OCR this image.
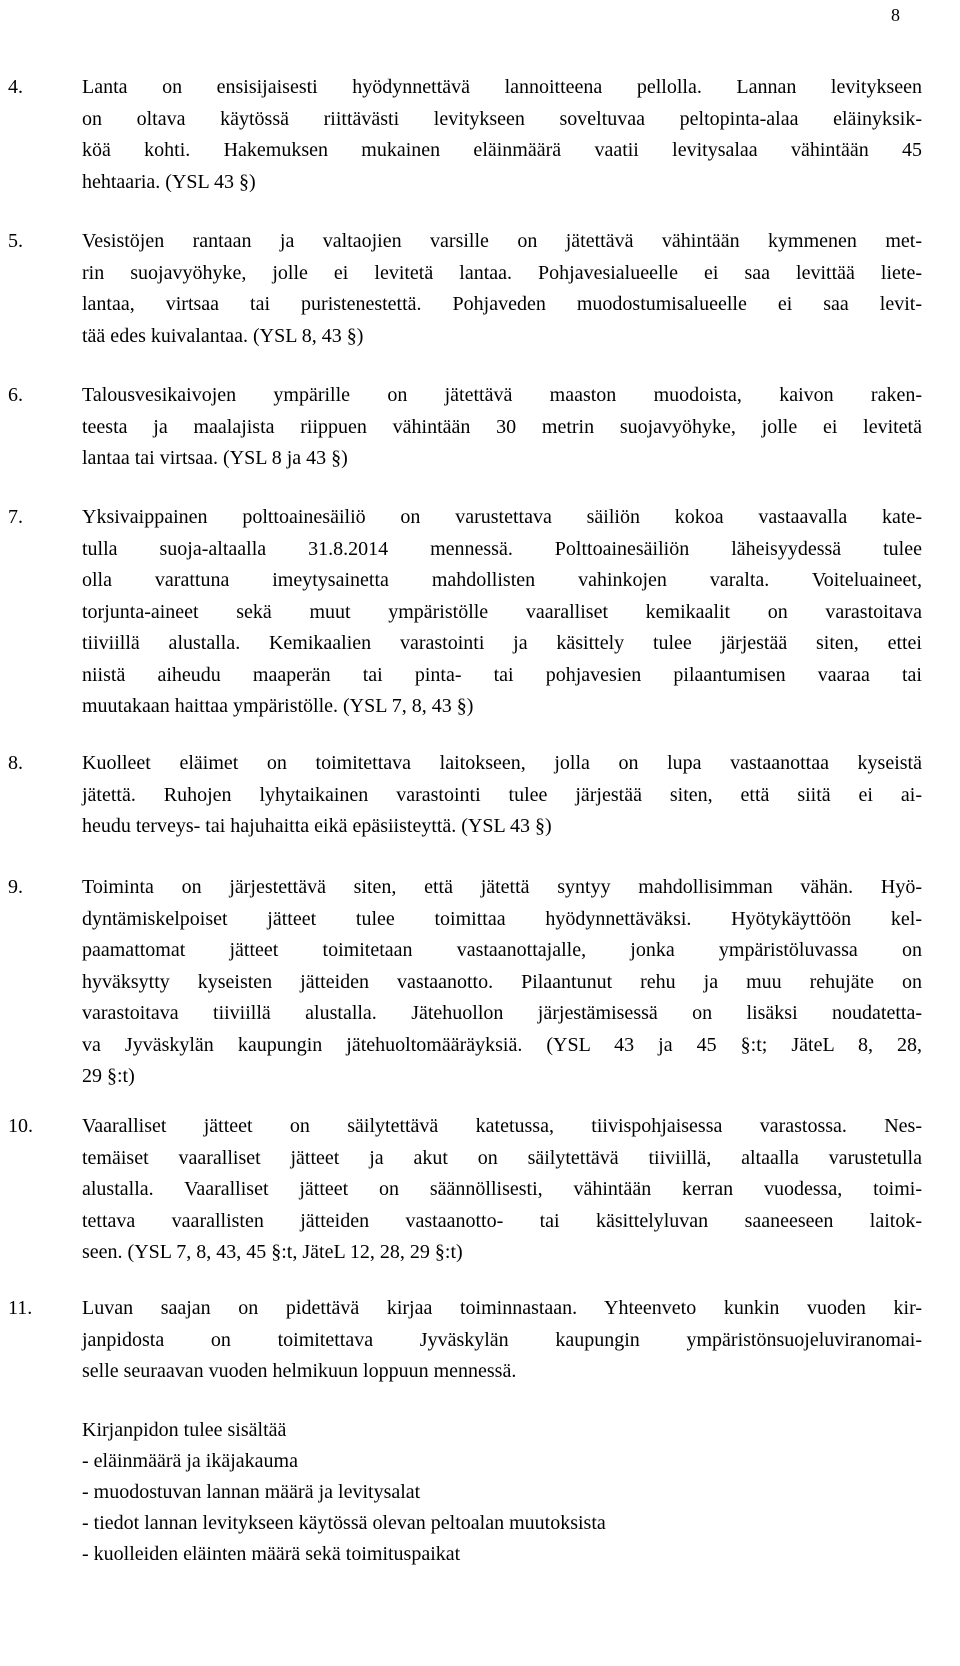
8
4.	Lanta on ensisijaisesti hyödynnettävä lannoitteena pellolla. Lannan levitykseen
on oltava käytössä riittävästi levitykseen soveltuvaa peltopinta-alaa eläinyksik-
köä kohti. Hakemuksen mukainen eläinmäärä vaatii levitysalaa vähintään 45
hehtaaria. (YSL 43 §)
5.	Vesistöjen rantaan ja valtaojien varsille on jätettävä vähintään kymmenen met-
rin suojavyöhyke, jolle ei levitetä lantaa. Pohjavesialueelle ei saa levittää liete-
lantaa, virtsaa tai puristenestettä. Pohjaveden muodostumisalueelle ei saa levit-
tää edes kuivalantaa. (YSL 8, 43 §)
6.	Talousvesikaivojen ympärille on jätettävä maaston muodoista, kaivon raken-
teesta ja maalajista riippuen vähintään 30 metrin suojavyöhyke, jolle ei levitetä
lantaa tai virtsaa. (YSL 8 ja 43 §)
7.	Yksivaippainen polttoainesäiliö on varustettava säiliön kokoa vastaavalla kate-
tulla suoja-altaalla 31.8.2014 mennessä. Polttoainesäiliön läheisyydessä tulee
olla varattuna imeytysainetta mahdollisten vahinkojen varalta. Voiteluaineet,
torjunta-aineet sekä muut ympäristölle vaaralliset kemikaalit on varastoitava
tiiviillä alustalla. Kemikaalien varastointi ja käsittely tulee järjestää siten, ettei
niistä aiheudu maaperän tai pinta- tai pohjavesien pilaantumisen vaaraa tai
muutakaan haittaa ympäristölle. (YSL 7, 8, 43 §)
8.	Kuolleet eläimet on toimitettava laitokseen, jolla on lupa vastaanottaa kyseistä
jätettä. Ruhojen lyhytaikainen varastointi tulee järjestää siten, että siitä ei ai-
heudu terveys- tai hajuhaitta eikä epäsiisteyttä. (YSL 43 §)
9.	Toiminta on järjestettävä siten, että jätettä syntyy mahdollisimman vähän. Hyö-
dyntämiskelpoiset jätteet tulee toimittaa hyödynnettäväksi. Hyötykäyttöön kel-
paamattomat jätteet toimitetaan vastaanottajalle, jonka ympäristöluvassa on
hyväksytty kyseisten jätteiden vastaanotto. Pilaantunut rehu ja muu rehujäte on
varastoitava tiiviillä alustalla. Jätehuollon järjestämisessä on lisäksi noudatetta-
va Jyväskylän kaupungin jätehuoltomääräyksiä. (YSL 43 ja 45 §:t; JäteL 8, 28,
29 §:t)
10. Vaaralliset jätteet on säilytettävä katetussa, tiivispohjaisessa varastossa. Nes-
temäiset vaaralliset jätteet ja akut on säilytettävä tiiviillä, altaalla varustetulla
alustalla. Vaaralliset jätteet on säännöllisesti, vähintään kerran vuodessa, toimi-
tettava vaarallisten jätteiden vastaanotto- tai käsittelyluvan saaneeseen laitok-
seen. (YSL 7, 8, 43, 45 §:t, JäteL 12, 28, 29 §:t)
11. Luvan saajan on pidettävä kirjaa toiminnastaan. Yhteenveto kunkin vuoden kir-
janpidosta on toimitettava Jyväskylän kaupungin ympäristönsuojeluviranomai-
selle seuraavan vuoden helmikuun loppuun mennessä.
Kirjanpidon tulee sisältää
- eläinmäärä ja ikäjakauma
- muodostuvan lannan määrä ja levitysalat
- tiedot lannan levitykseen käytössä olevan peltoalan muutoksista
- kuolleiden eläinten määrä sekä toimituspaikat
